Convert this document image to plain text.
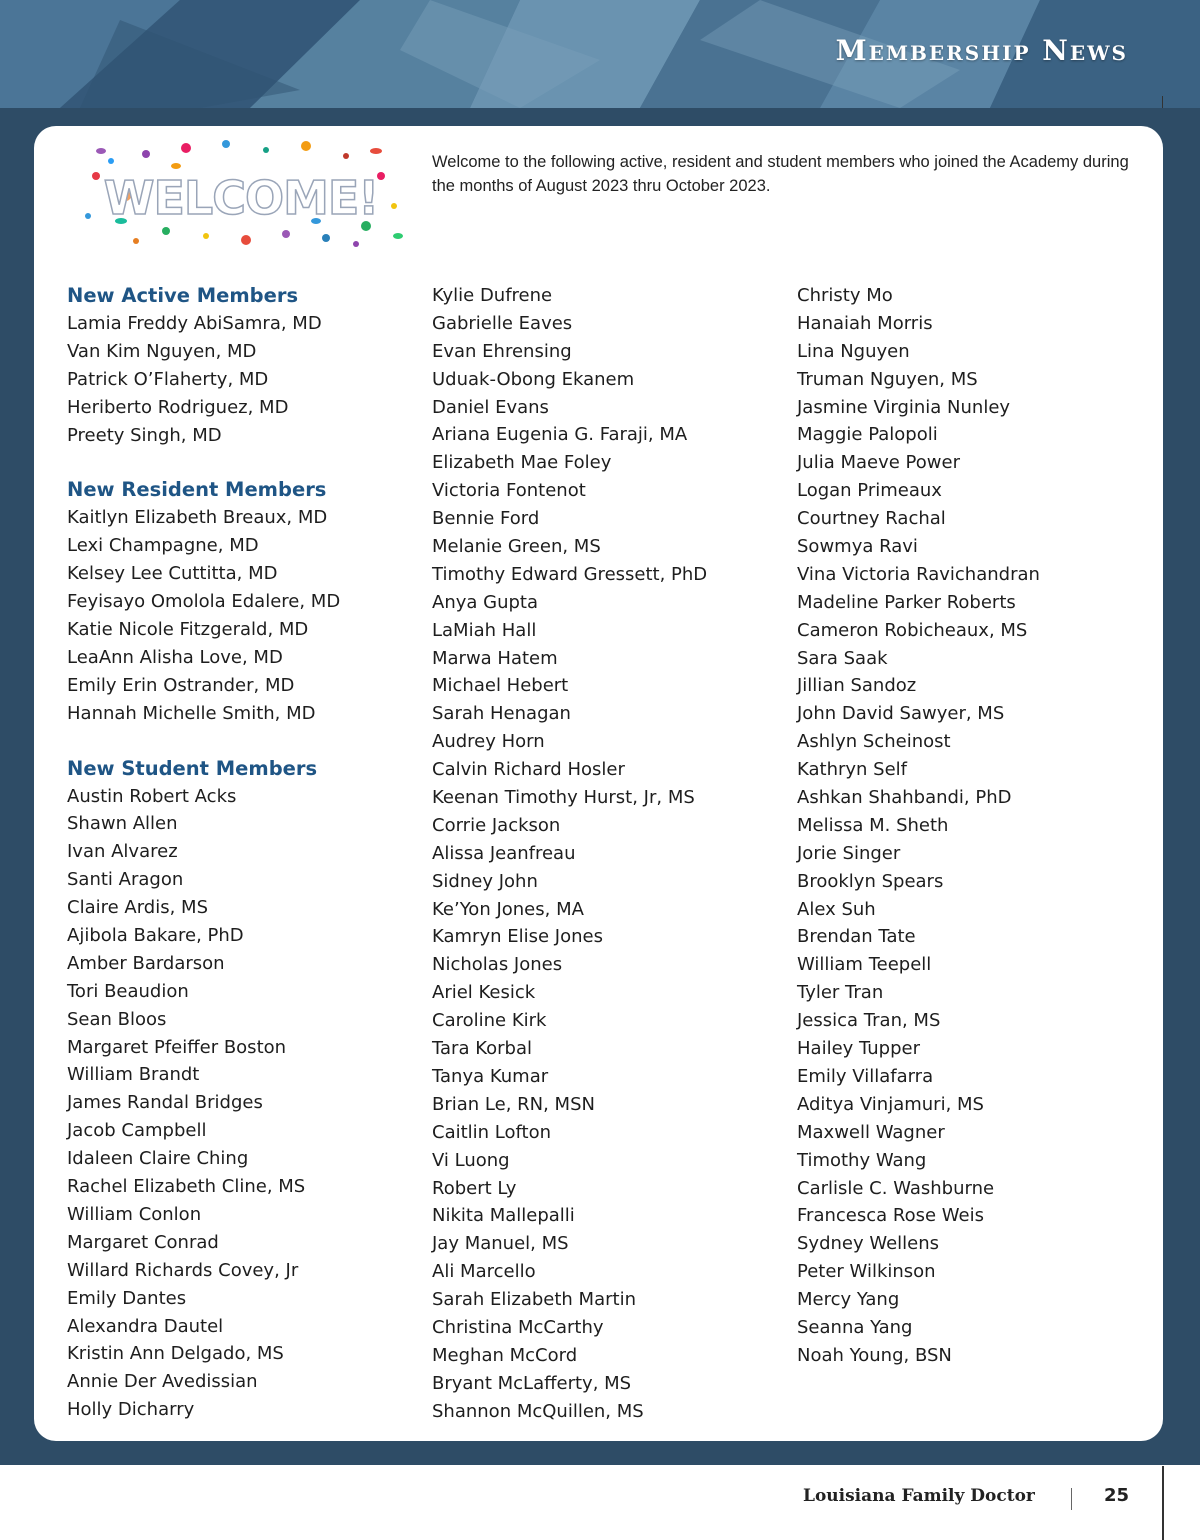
Membership News
WELCOME!
Welcome to the following active, resident and student members who joined the Academy during the months of August 2023 thru October 2023.
New Active Members
Lamia Freddy AbiSamra, MD
Van Kim Nguyen, MD
Patrick O’Flaherty, MD
Heriberto Rodriguez, MD
Preety Singh, MD
New Resident Members
Kaitlyn Elizabeth Breaux, MD
Lexi Champagne, MD
Kelsey Lee Cuttitta, MD
Feyisayo Omolola Edalere, MD
Katie Nicole Fitzgerald, MD
LeaAnn Alisha Love, MD
Emily Erin Ostrander, MD
Hannah Michelle Smith, MD
New Student Members
Austin Robert Acks
Shawn Allen
Ivan Alvarez
Santi Aragon
Claire Ardis, MS
Ajibola Bakare, PhD
Amber Bardarson
Tori Beaudion
Sean Bloos
Margaret Pfeiffer Boston
William Brandt
James Randal Bridges
Jacob Campbell
Idaleen Claire Ching
Rachel Elizabeth Cline, MS
William Conlon
Margaret Conrad
Willard Richards Covey, Jr
Emily Dantes
Alexandra Dautel
Kristin Ann Delgado, MS
Annie Der Avedissian
Holly Dicharry
Kylie Dufrene
Gabrielle Eaves
Evan Ehrensing
Uduak-Obong Ekanem
Daniel Evans
Ariana Eugenia G. Faraji, MA
Elizabeth Mae Foley
Victoria Fontenot
Bennie Ford
Melanie Green, MS
Timothy Edward Gressett, PhD
Anya Gupta
LaMiah Hall
Marwa Hatem
Michael Hebert
Sarah Henagan
Audrey Horn
Calvin Richard Hosler
Keenan Timothy Hurst, Jr, MS
Corrie Jackson
Alissa Jeanfreau
Sidney John
Ke’Yon Jones, MA
Kamryn Elise Jones
Nicholas Jones
Ariel Kesick
Caroline Kirk
Tara Korbal
Tanya Kumar
Brian Le, RN, MSN
Caitlin Lofton
Vi Luong
Robert Ly
Nikita Mallepalli
Jay Manuel, MS
Ali Marcello
Sarah Elizabeth Martin
Christina McCarthy
Meghan McCord
Bryant McLafferty, MS
Shannon McQuillen, MS
Christy Mo
Hanaiah Morris
Lina Nguyen
Truman Nguyen, MS
Jasmine Virginia Nunley
Maggie Palopoli
Julia Maeve Power
Logan Primeaux
Courtney Rachal
Sowmya Ravi
Vina Victoria Ravichandran
Madeline Parker Roberts
Cameron Robicheaux, MS
Sara Saak
Jillian Sandoz
John David Sawyer, MS
Ashlyn Scheinost
Kathryn Self
Ashkan Shahbandi, PhD
Melissa M. Sheth
Jorie Singer
Brooklyn Spears
Alex Suh
Brendan Tate
William Teepell
Tyler Tran
Jessica Tran, MS
Hailey Tupper
Emily Villafarra
Aditya Vinjamuri, MS
Maxwell Wagner
Timothy Wang
Carlisle C. Washburne
Francesca Rose Weis
Sydney Wellens
Peter Wilkinson
Mercy Yang
Seanna Yang
Noah Young, BSN
Louisiana Family Doctor	25
